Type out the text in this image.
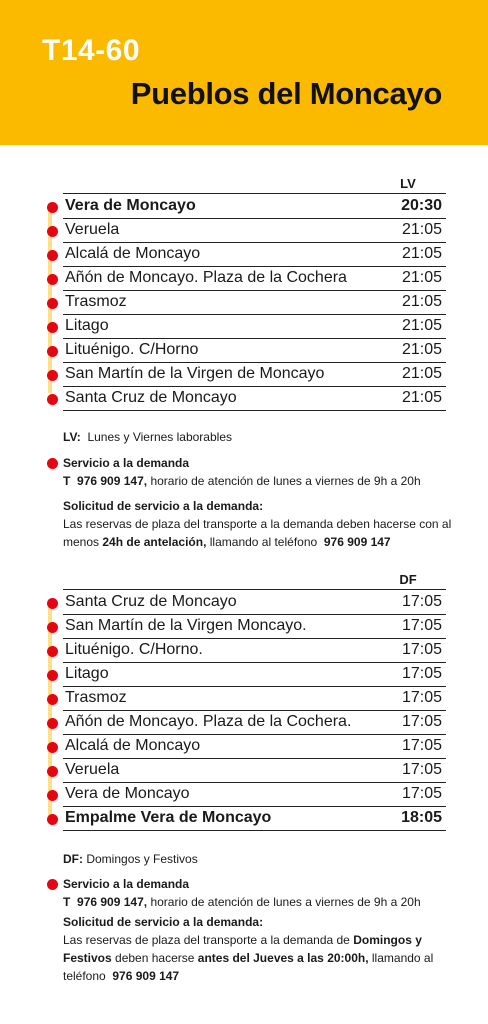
T14-60
Pueblos del Moncayo
LV
Vera de Moncayo	20:30
Veruela	21:05
Alcalá de Moncayo	21:05
Añón de Moncayo. Plaza de la Cochera	21:05
Trasmoz	21:05
Litago	21:05
Lituénigo. C/Horno	21:05
San Martín de la Virgen de Moncayo	21:05
Santa Cruz de Moncayo	21:05
LV: Lunes y Viernes laborables
Servicio a la demanda
T 976 909 147, horario de atención de lunes a viernes de 9h a 20h
Solicitud de servicio a la demanda:
Las reservas de plaza del transporte a la demanda deben hacerse con al menos 24h de antelación, llamando al teléfono 976 909 147
DF
Santa Cruz de Moncayo	17:05
San Martín de la Virgen Moncayo.	17:05
Lituénigo. C/Horno.	17:05
Litago	17:05
Trasmoz	17:05
Añón de Moncayo. Plaza de la Cochera.	17:05
Alcalá de Moncayo	17:05
Veruela	17:05
Vera de Moncayo	17:05
Empalme Vera de Moncayo	18:05
DF: Domingos y Festivos
Servicio a la demanda
T 976 909 147, horario de atención de lunes a viernes de 9h a 20h
Solicitud de servicio a la demanda:
Las reservas de plaza del transporte a la demanda de Domingos y Festivos deben hacerse antes del Jueves a las 20:00h, llamando al teléfono 976 909 147
